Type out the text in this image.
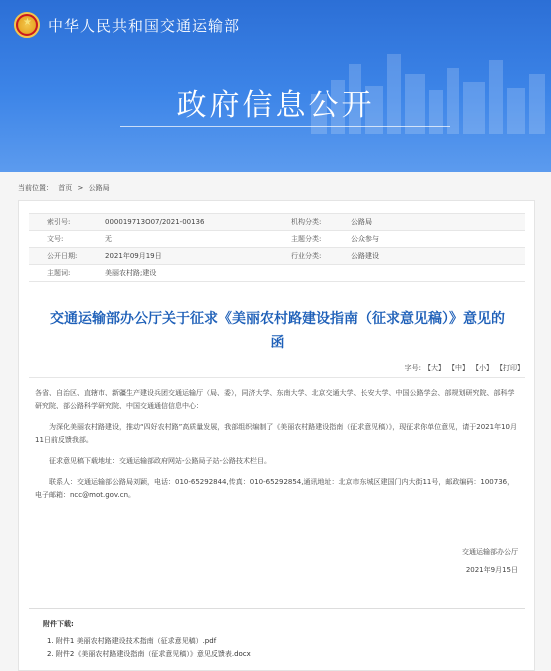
★
中华人民共和国交通运输部
政府信息公开
当前位置： 首页 > 公路局
索引号:	000019713O07/2021-00136	机构分类:	公路局
文号:	无	主题分类:	公众参与
公开日期:	2021年09月19日	行业分类:	公路建设
主题词:	美丽农村路;建设
交通运输部办公厅关于征求《美丽农村路建设指南（征求意见稿）》意见的
函
字号: 【大】 【中】 【小】 【打印】

各省、自治区、直辖市、新疆生产建设兵团交通运输厅（局、委），同济大学、东南大学、北京交通大学、长安大学、中国公路学会、部规划研究院、部科学研究院、部公路科学研究院、中国交通通信信息中心：

为深化美丽农村路建设，推动“四好农村路”高质量发展，我部组织编制了《美丽农村路建设指南（征求意见稿）》，现征求你单位意见，请于2021年10月11日前反馈我部。

征求意见稿下载地址：交通运输部政府网站-公路局子站-公路技术栏目。

联系人：交通运输部公路局刘颖，电话：010-65292844,传真：010-65292854,通讯地址：北京市东城区建国门内大街11号，邮政编码：100736，电子邮箱：ncc@mot.gov.cn。

交通运输部办公厅
2021年9月15日
附件下载:
1. 附件1 美丽农村路建设技术指南（征求意见稿）.pdf
2. 附件2《美丽农村路建设指南（征求意见稿）》意见反馈表.docx
